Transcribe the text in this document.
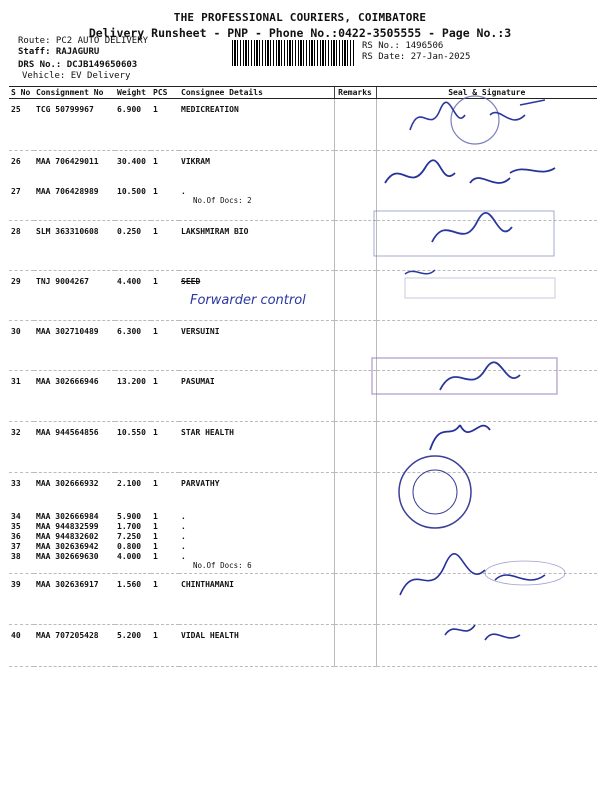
THE PROFESSIONAL COURIERS, COIMBATORE
Delivery Runsheet - PNP - Phone No.:0422-3505555 - Page No.:3
Route: PC2 AUTO DELIVERY
Staff: RAJAGURU
DRS No.: DCJB149650603
Vehicle: EV Delivery
RS No.: 1496506
RS Date: 27-Jan-2025
S No	Consignment No	Weight	PCS	Consignee Details	Remarks	Seal & Signature
25	TCG 50799967	6.900	1	MEDICREATION		
26	MAA 706429011	30.400	1	VIKRAM		
27	MAA 706428989	10.500	1	.
No.Of Docs: 2		

28	SLM 363310608	0.250	1	LAKSHMIRAM BIO		
29	TNJ 9004267	4.400	1	SEED		
30	MAA 302710489	6.300	1	VERSUINI		
31	MAA 302666946	13.200	1	PASUMAI		
32	MAA 944564856	10.550	1	STAR HEALTH		
33	MAA 302666932	2.100	1	PARVATHY		
34	MAA 302666984	5.900	1	.		
35	MAA 944832599	1.700	1	.		
36	MAA 944832602	7.250	1	.		
37	MAA 302636942	0.800	1	.		
38	MAA 302669630	4.000	1	.
No.Of Docs: 6		

39	MAA 302636917	1.560	1	CHINTHAMANI		
40	MAA 707205428	5.200	1	VIDAL HEALTH		
Forwarder control
